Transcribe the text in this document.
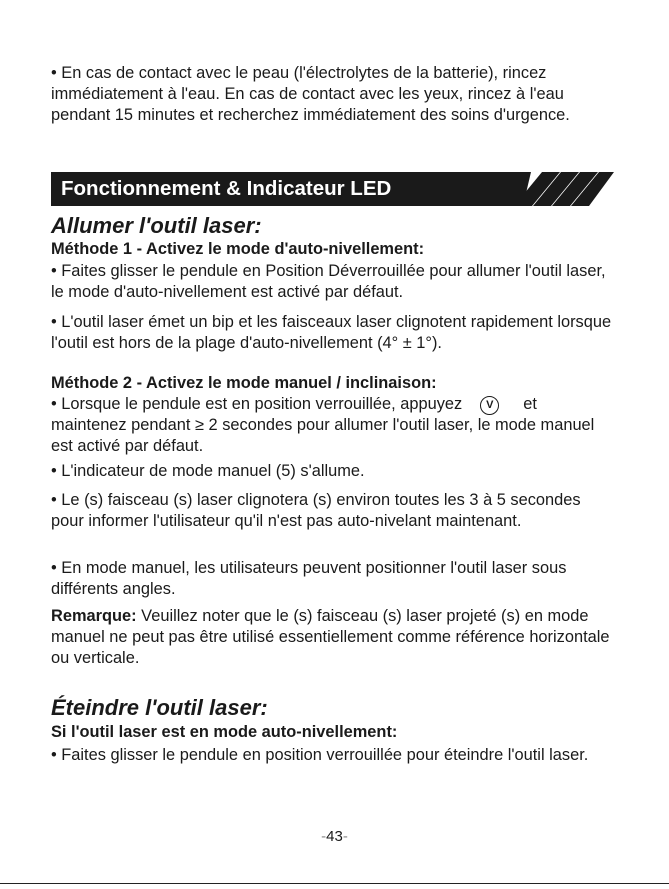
• En cas de contact avec le peau (l'électrolytes de la batterie), rincez immédiatement à l'eau. En cas de contact avec les yeux, rincez à l'eau pendant 15 minutes et recherchez immédiatement des soins d'urgence.

Fonctionnement & Indicateur LED
Allumer l'outil laser:

Méthode 1 - Activez le mode d'auto-nivellement:

• Faites glisser le pendule en Position Déverrouillée pour allumer l'outil laser, le mode d'auto-nivellement est activé par défaut.

• L'outil laser émet un bip et les faisceaux laser clignotent rapidement lorsque l'outil est hors de la plage d'auto-nivellement (4° ± 1°).

Méthode 2 - Activez le mode manuel / inclinaison:

• Lorsque le pendule est en position verrouillée, appuyez V et
maintenez pendant ≥ 2 secondes pour allumer l'outil laser, le mode manuel est activé par défaut.

• L'indicateur de mode manuel (5) s'allume.

• Le (s) faisceau (s) laser clignotera (s) environ toutes les 3 à 5 secondes pour informer l'utilisateur qu'il n'est pas auto-nivelant maintenant.

• En mode manuel, les utilisateurs peuvent positionner l'outil laser sous différents angles.

Remarque: Veuillez noter que le (s) faisceau (s) laser projeté (s) en mode manuel ne peut pas être utilisé essentiellement comme référence horizontale ou verticale.

Éteindre l'outil laser:

Si l'outil laser est en mode auto-nivellement:

• Faites glisser le pendule en position verrouillée pour éteindre l'outil laser.

-43-
